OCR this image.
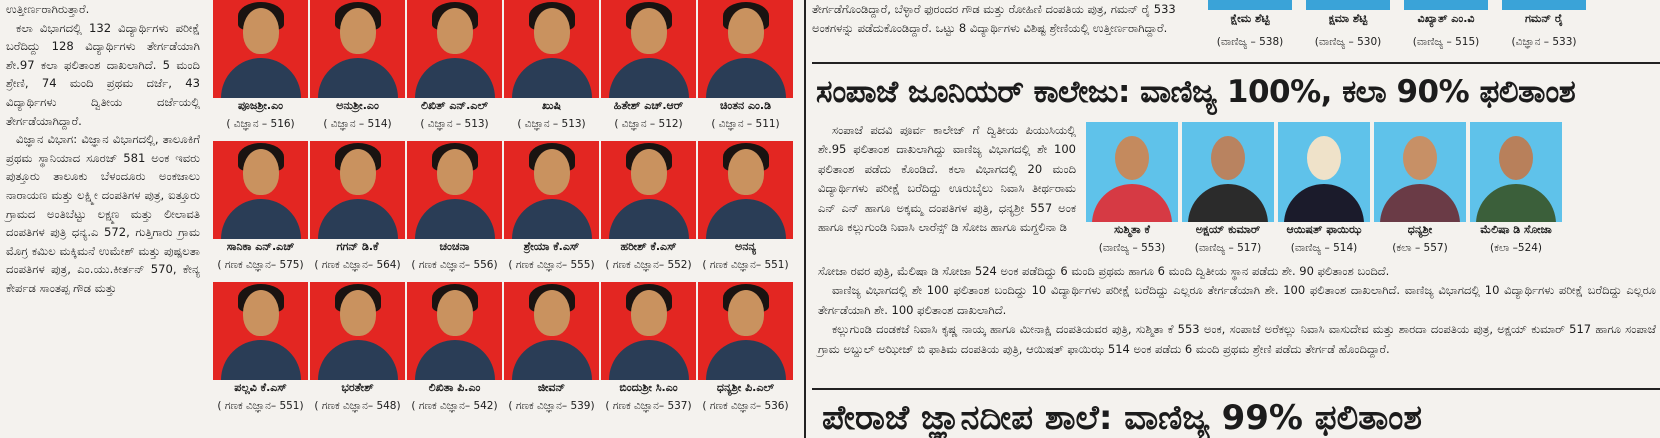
ಉತ್ತೀರ್ಣರಾಗಿರುತ್ತಾರೆ.

ಕಲಾ ವಿಭಾಗದಲ್ಲಿ 132 ವಿದ್ಯಾರ್ಥಿಗಳು ಪರೀಕ್ಷೆ ಬರೆದಿದ್ದು 128 ವಿದ್ಯಾರ್ಥಿಗಳು ತೇರ್ಗಡೆಯಾಗಿ ಶೇ.97 ಕಲಾ ಫಲಿತಾಂಶ ದಾಖಲಾಗಿದೆ. 5 ಮಂದಿ ಶ್ರೇಣಿ, 74 ಮಂದಿ ಪ್ರಥಮ ದರ್ಜೆ, 43 ವಿದ್ಯಾರ್ಥಿಗಳು ದ್ವಿತೀಯ ದರ್ಜೆಯಲ್ಲಿ ತೇರ್ಗಡೆಯಾಗಿದ್ದಾರೆ.

ವಿಜ್ಞಾನ ವಿಭಾಗ: ವಿಜ್ಞಾನ ವಿಭಾಗದಲ್ಲಿ, ತಾಲೂಕಿಗೆ ಪ್ರಥಮ ಸ್ಥಾನಿಯಾದ ಸೂರಜ್ 581 ಅಂಕ ಇವರು ಪುತ್ತೂರು ತಾಲೂಕು ಬೆಳಂದೂರು ಅಂಕಜಾಲು ನಾರಾಯಣ ಮತ್ತು ಲಕ್ಷ್ಮೀ ದಂಪತಿಗಳ ಪುತ್ರ, ಐತ್ತೂರು ಗ್ರಾಮದ ಅಂತಿಬೆಟ್ಟು ಲಕ್ಷ್ಮಣ ಮತ್ತು ಲೀಲಾವತಿ ದಂಪತಿಗಳ ಪುತ್ರಿ ಧನ್ಯ.ಎ 572, ಗುತ್ತಿಗಾರು ಗ್ರಾಮ ಮೊಗ್ರ ಕಮಿಲ ಮಕ್ಕಿಮನೆ ಉಮೇಶ್ ಮತ್ತು ಪುಷ್ಪಲತಾ ದಂಪತಿಗಳ ಪುತ್ರ, ಎಂ.ಯು.ಕೀರ್ತನ್ 570, ಕೇನ್ಯ ಕೇರ್ಪಡ ಸಾಂತಪ್ಪ ಗೌಡ ಮತ್ತು

ಪೂಜಶ್ರೀ.ಎಂ
( ವಿಜ್ಞಾನ – 516)
ಅನುಶ್ರೀ.ಎಂ
( ವಿಜ್ಞಾನ – 514)
ಲಿಖಿತ್ ಎನ್.ಎಲ್
( ವಿಜ್ಞಾನ – 513)
ಖುಷಿ
( ವಿಜ್ಞಾನ – 513)
ಹಿತೇಶ್ ಎಚ್.ಆರ್
( ವಿಜ್ಞಾನ – 512)
ಚಿಂತನ ಎಂ.ಡಿ
( ವಿಜ್ಞಾನ – 511)
ಸಾನಿಕಾ ಎನ್.ಎಚ್
( ಗಣಕ ವಿಜ್ಞಾನ– 575)
ಗಗನ್ ಡಿ.ಕೆ
( ಗಣಕ ವಿಜ್ಞಾನ– 564)
ಚಂಚನಾ
( ಗಣಕ ವಿಜ್ಞಾನ– 556)
ಶ್ರೇಯಾ ಕೆ.ಎಸ್
( ಗಣಕ ವಿಜ್ಞಾನ– 555)
ಹರೀಶ್ ಕೆ.ಎಸ್
( ಗಣಕ ವಿಜ್ಞಾನ– 552)
ಅನನ್ಯ
( ಗಣಕ ವಿಜ್ಞಾನ– 551)
ಪಲ್ಲವಿ ಕೆ.ಎಸ್
( ಗಣಕ ವಿಜ್ಞಾನ– 551)
ಭರತೇಶ್
( ಗಣಕ ವಿಜ್ಞಾನ– 548)
ಲಿಖಿತಾ ಪಿ.ಎಂ
( ಗಣಕ ವಿಜ್ಞಾನ– 542)
ಜೀವನ್
( ಗಣಕ ವಿಜ್ಞಾನ– 539)
ಬಿಂದುಶ್ರೀ ಸಿ.ಎಂ
( ಗಣಕ ವಿಜ್ಞಾನ– 537)
ಧನ್ಯಶ್ರೀ ಪಿ.ಎಲ್
( ಗಣಕ ವಿಜ್ಞಾನ– 536)
ತೇರ್ಗಡೆಗೊಂಡಿದ್ದಾರೆ, ಬೆಳ್ಳಾರೆ ಫುರಂದರ ಗೌಡ ಮತ್ತು ರೋಹಿಣಿ ದಂಪತಿಯ ಪುತ್ರ, ಗಮನ್ ರೈ 533 ಅಂಕಗಳನ್ನು ಪಡೆದುಕೊಂಡಿದ್ದಾರೆ. ಒಟ್ಟು 8 ವಿದ್ಯಾರ್ಥಿಗಳು ವಿಶಿಷ್ಟ ಶ್ರೇಣಿಯಲ್ಲಿ ಉತ್ತೀರ್ಣರಾಗಿದ್ದಾರೆ.
ಕ್ಷೇಮ ಶೆಟ್ಟಿ
(ವಾಣಿಜ್ಯ – 538)
ಕ್ಷಮಾ ಶೆಟ್ಟಿ
(ವಾಣಿಜ್ಯ – 530)
ವಿಖ್ಯಾತ್ ಎಂ.ವಿ
(ವಾಣಿಜ್ಯ – 515)
ಗಮನ್ ರೈ
(ವಿಜ್ಞಾನ – 533)
ಸಂಪಾಜೆ ಜೂನಿಯರ್ ಕಾಲೇಜು: ವಾಣಿಜ್ಯ 100%, ಕಲಾ 90% ಫಲಿತಾಂಶ

ಸಂಪಾಜೆ ಪದವಿ ಪೂರ್ವ ಕಾಲೇಜ್ ಗೆ ದ್ವಿತೀಯ ಪಿಯುಸಿಯಲ್ಲಿ ಶೇ.95 ಫಲಿತಾಂಶ ದಾಖಲಾಗಿದ್ದು ವಾಣಿಜ್ಯ ವಿಭಾಗದಲ್ಲಿ ಶೇ 100 ಫಲಿತಾಂಶ ಪಡೆದು ಕೊಂಡಿದೆ. ಕಲಾ ವಿಭಾಗದಲ್ಲಿ 20 ಮಂದಿ ವಿದ್ಯಾರ್ಥಿಗಳು ಪರೀಕ್ಷೆ ಬರೆದಿದ್ದು ಊರುಬೈಲು ನಿವಾಸಿ ತೀರ್ಥರಾಮ ಎನ್ ಎನ್ ಹಾಗೂ ಅಕ್ಕಮ್ಮ ದಂಪತಿಗಳ ಪುತ್ರಿ, ಧನ್ಯಶ್ರೀ 557 ಅಂಕ ಹಾಗೂ ಕಲ್ಲುಗುಂಡಿ ನಿವಾಸಿ ಲಾರೆನ್ಸ್ ಡಿ ಸೋಜ ಹಾಗೂ ಮಗ್ದಲಿನಾ ಡಿ	ಸುಶ್ಮಿತಾ ಕೆ
(ವಾಣಿಜ್ಯ – 553)
ಅಕ್ಷಯ್ ಕುಮಾರ್
(ವಾಣಿಜ್ಯ – 517)
ಆಯಿಷತ್ ಫಾಯಿಝ
(ವಾಣಿಜ್ಯ – 514)
ಧನ್ಯಶ್ರೀ
(ಕಲಾ – 557)
ಮೆಲಿಷಾ ಡಿ ಸೋಜಾ
(ಕಲಾ –524)

ಸೋಜಾ ರವರ ಪುತ್ರಿ, ಮೆಲಿಷಾ ಡಿ ಸೋಜಾ 524 ಅಂಕ ಪಡೆದಿದ್ದು 6 ಮಂದಿ ಪ್ರಥಮ ಹಾಗೂ 6 ಮಂದಿ ದ್ವಿತೀಯ ಸ್ಥಾನ ಪಡೆದು ಶೇ. 90 ಫಲಿತಾಂಶ ಬಂದಿದೆ.

ವಾಣಿಜ್ಯ ವಿಭಾಗದಲ್ಲಿ ಶೇ 100 ಫಲಿತಾಂಶ ಬಂದಿದ್ದು 10 ವಿದ್ಯಾರ್ಥಿಗಳು ಪರೀಕ್ಷೆ ಬರೆದಿದ್ದು ಎಲ್ಲರೂ ತೇರ್ಗಡೆಯಾಗಿ ಶೇ. 100 ಫಲಿತಾಂಶ ದಾಖಲಾಗಿದೆ. ವಾಣಿಜ್ಯ ವಿಭಾಗದಲ್ಲಿ 10 ವಿದ್ಯಾರ್ಥಿಗಳು ಪರೀಕ್ಷೆ ಬರೆದಿದ್ದು ಎಲ್ಲರೂ ತೇರ್ಗಡೆಯಾಗಿ ಶೇ. 100 ಫಲಿತಾಂಶ ದಾಖಲಾಗಿದೆ.

ಕಲ್ಲುಗುಂಡಿ ದಂಡಕಜೆ ನಿವಾಸಿ ಕೃಷ್ಣ ನಾಯ್ಕ ಹಾಗೂ ಮೀನಾಕ್ಷಿ ದಂಪತಿಯವರ ಪುತ್ರಿ, ಸುಶ್ಮಿತಾ ಕೆ 553 ಅಂಕ, ಸಂಪಾಜೆ ಅರೆಕಲ್ಲು ನಿವಾಸಿ ವಾಸುದೇವ ಮತ್ತು ಶಾರದಾ ದಂಪತಿಯ ಪುತ್ರ, ಅಕ್ಷಯ್ ಕುಮಾರ್ 517 ಹಾಗೂ ಸಂಪಾಜೆ ಗ್ರಾಮ ಅಬ್ದುಲ್ ಅಝೀಜ್ ಬಿ ಫಾತಿಮ ದಂಪತಿಯ ಪುತ್ರಿ, ಆಯಿಷತ್ ಫಾಯಿಝ 514 ಅಂಕ ಪಡೆದು 6 ಮಂದಿ ಪ್ರಥಮ ಶ್ರೇಣಿ ಪಡೆದು ತೇರ್ಗಡೆ ಹೊಂದಿದ್ದಾರೆ.

ಪೇರಾಜೆ ಜ್ಞಾನದೀಪ ಶಾಲೆ: ವಾಣಿಜ್ಯ 99% ಫಲಿತಾಂಶ
